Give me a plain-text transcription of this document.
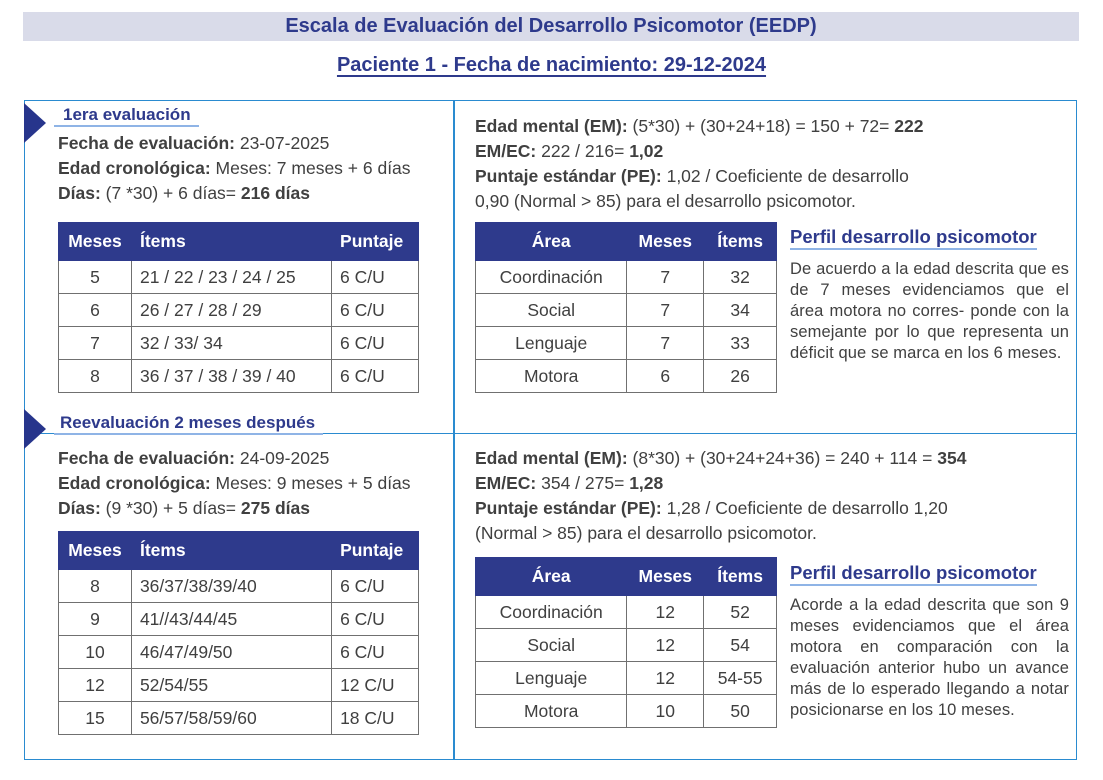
Escala de Evaluación del Desarrollo Psicomotor (EEDP)
Paciente 1 - Fecha de nacimiento: 29-12-2024
1era evaluación
Fecha de evaluación: 23-07-2025
Edad cronológica: Meses: 7 meses + 6 días
Días: (7 *30) + 6 días= 216 días
Meses	Ítems	Puntaje
5	21 / 22 / 23 / 24 / 25	6 C/U
6	26 / 27 / 28 / 29	6 C/U
7	32 / 33/ 34	6 C/U
8	36 / 37 / 38 / 39 / 40	6 C/U
Edad mental (EM): (5*30) + (30+24+18) = 150 + 72= 222
EM/EC: 222 / 216= 1,02
Puntaje estándar (PE): 1,02 / Coeficiente de desarrollo
0,90 (Normal > 85) para el desarrollo psicomotor.
Área	Meses	Ítems
Coordinación	7	32
Social	7	34
Lenguaje	7	33
Motora	6	26
Perfil desarrollo psicomotor
De acuerdo a la edad descrita que es de 7 meses evidenciamos que el área motora no corres- ponde con la semejante por lo que representa un déficit que se marca en los 6 meses.
Reevaluación 2 meses después
Fecha de evaluación: 24-09-2025
Edad cronológica: Meses: 9 meses + 5 días
Días: (9 *30) + 5 días= 275 días
Meses	Ítems	Puntaje
8	36/37/38/39/40	6 C/U
9	41//43/44/45	6 C/U
10	46/47/49/50	6 C/U
12	52/54/55	12 C/U
15	56/57/58/59/60	18 C/U
Edad mental (EM): (8*30) + (30+24+24+36) = 240 + 114 = 354
EM/EC: 354 / 275= 1,28
Puntaje estándar (PE): 1,28 / Coeficiente de desarrollo 1,20
(Normal > 85) para el desarrollo psicomotor.
Área	Meses	Ítems
Coordinación	12	52
Social	12	54
Lenguaje	12	54-55
Motora	10	50
Perfil desarrollo psicomotor
Acorde a la edad descrita que son 9 meses evidenciamos que el área motora en comparación con la evaluación anterior hubo un avance más de lo esperado llegando a notar posicionarse en los 10 meses.
